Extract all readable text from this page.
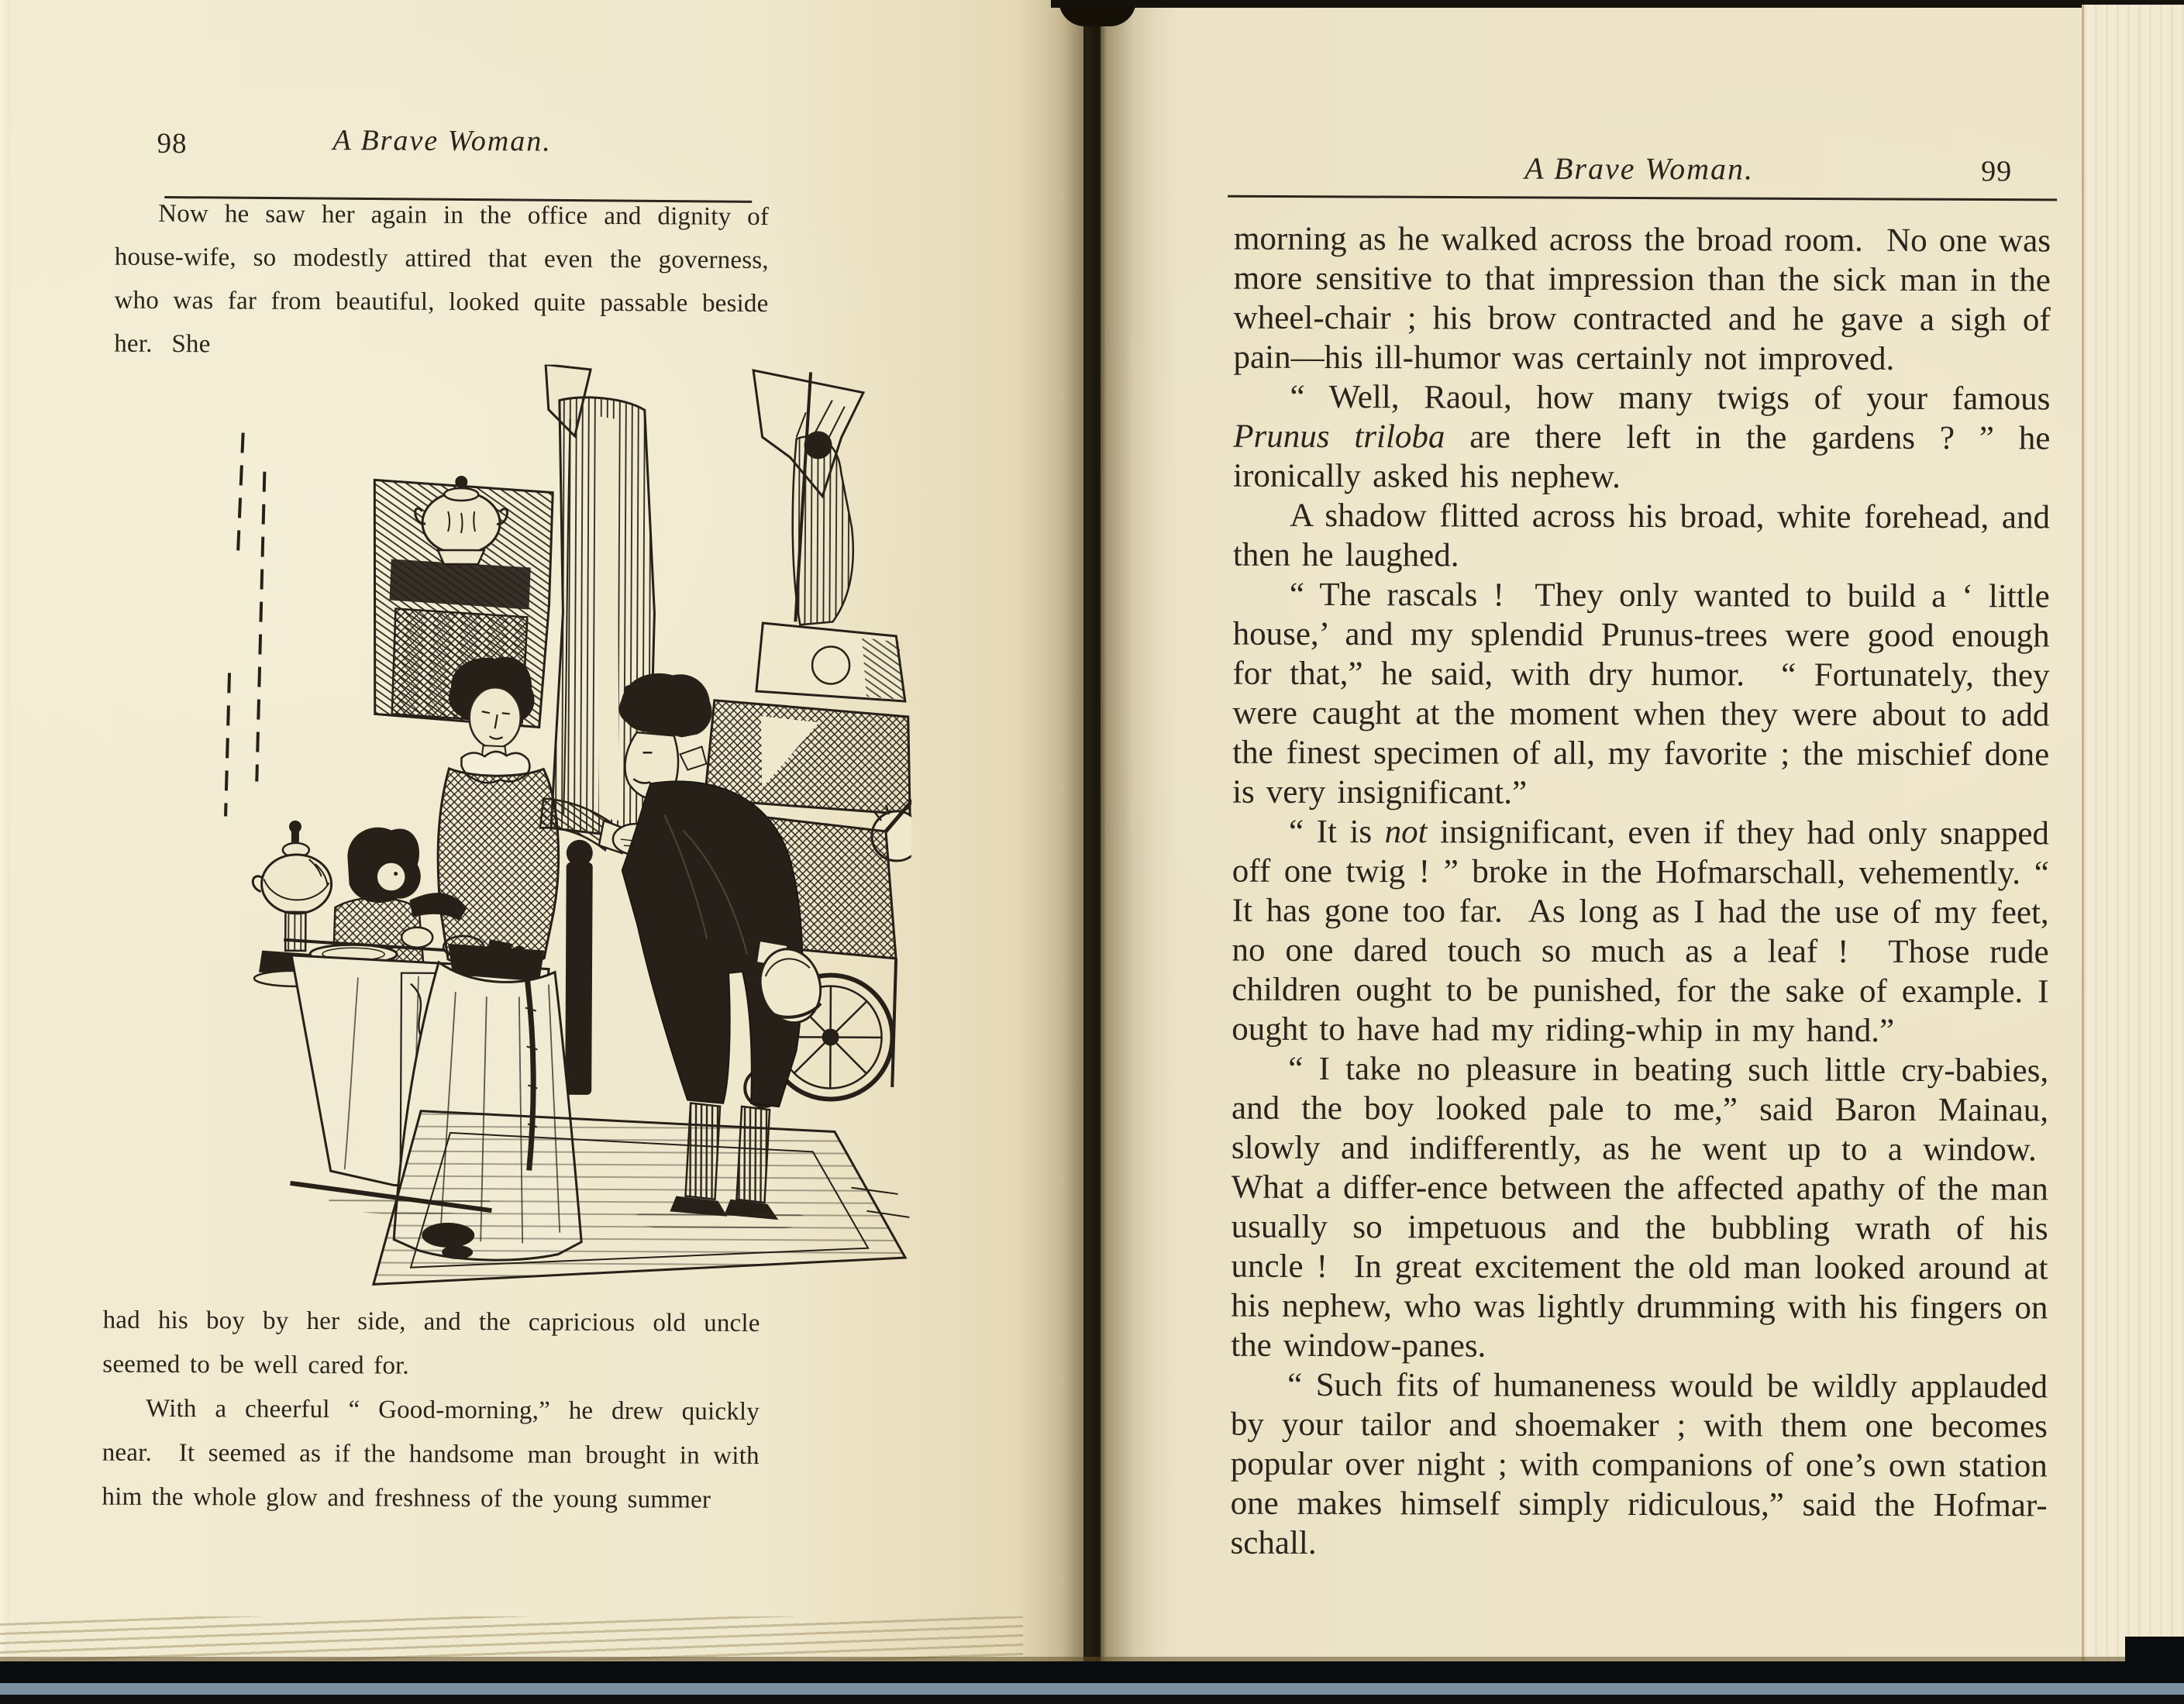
98	A Brave Woman.

Now he saw her again in the office and dignity of house-wife, so modestly attired that even the governess, who was far from beautiful, looked quite passable beside her.  She

had his boy by her side, and the capricious old uncle seemed to be well cared for.

With a cheerful “ Good-morning,” he drew quickly near.  It seemed as if the handsome man brought in with him the whole glow and freshness of the young summer

A Brave Woman.	99

morning as he walked across the broad room.  No one was more sensitive to that impression than the sick man in the wheel-chair ; his brow contracted and he gave a sigh of pain—his ill-humor was certainly not improved.

“ Well, Raoul, how many twigs of your famous Prunus triloba are there left in the gardens ? ” he ironically asked his nephew.

A shadow flitted across his broad, white forehead, and then he laughed.

“ The rascals !  They only wanted to build a ‘ little house,’ and my splendid Prunus-trees were good enough for that,” he said, with dry humor.  “ Fortunately, they were caught at the moment when they were about to add the finest specimen of all, my favorite ; the mischief done is very insignificant.”

“ It is not insignificant, even if they had only snapped off one twig ! ” broke in the Hofmarschall, vehemently. “ It has gone too far.  As long as I had the use of my feet, no one dared touch so much as a leaf !  Those rude children ought to be punished, for the sake of example. I ought to have had my riding-whip in my hand.”

“ I take no pleasure in beating such little cry-babies, and the boy looked pale to me,” said Baron Mainau, slowly and indifferently, as he went up to a window.  What a differ-ence between the affected apathy of the man usually so impetuous and the bubbling wrath of his uncle !  In great excitement the old man looked around at his nephew, who was lightly drumming with his fingers on the window-panes.

“ Such fits of humaneness would be wildly applauded by your tailor and shoemaker ; with them one becomes popular over night ; with companions of one’s own station one makes himself simply ridiculous,” said the Hofmar-schall.
